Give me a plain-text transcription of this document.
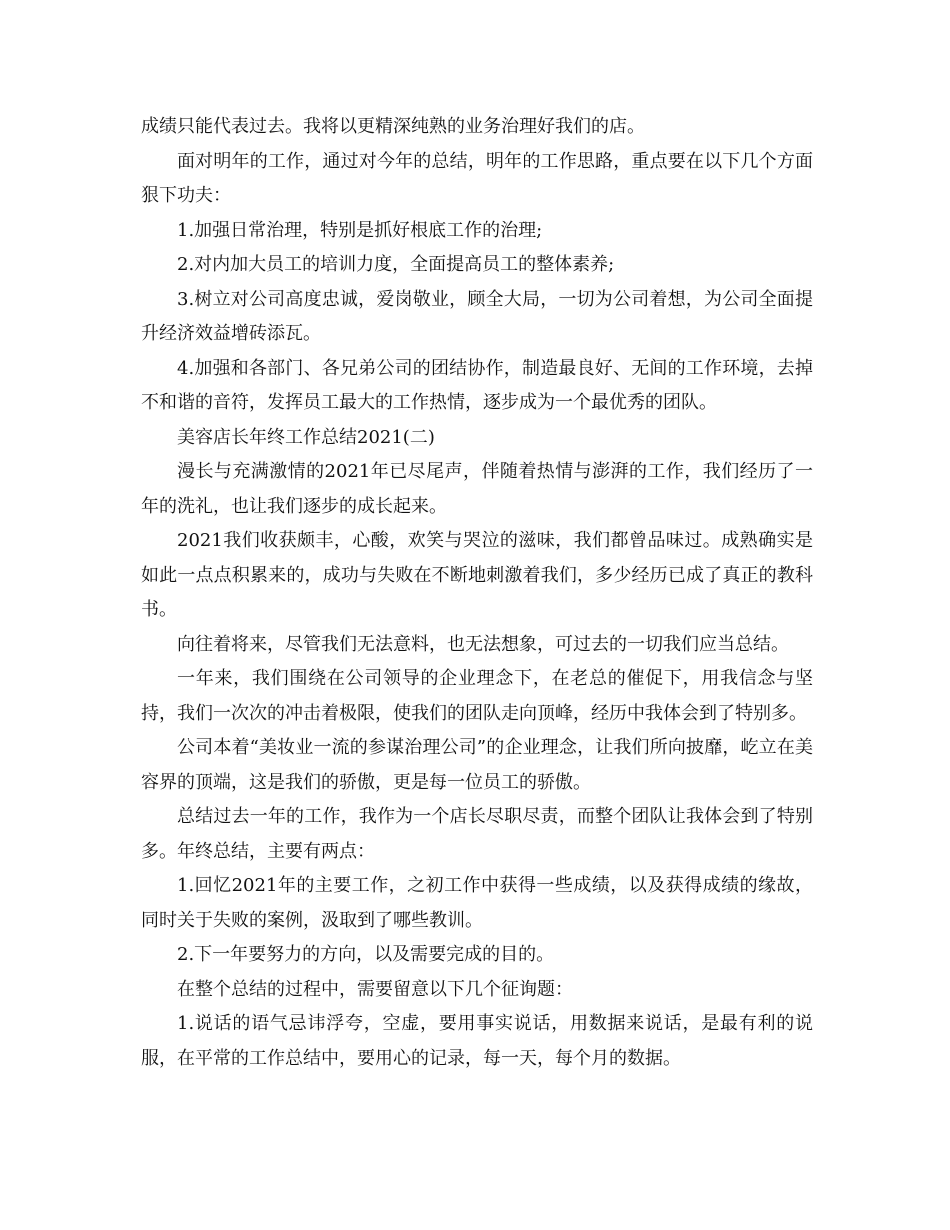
成绩只能代表过去。我将以更精深纯熟的业务治理好我们的店。

面对明年的工作，通过对今年的总结，明年的工作思路，重点要在以下几个方面狠下功夫：

1.加强日常治理，特别是抓好根底工作的治理;

2.对内加大员工的培训力度，全面提高员工的整体素养;

3.树立对公司高度忠诚，爱岗敬业，顾全大局，一切为公司着想，为公司全面提升经济效益增砖添瓦。

4.加强和各部门、各兄弟公司的团结协作，制造最良好、无间的工作环境，去掉不和谐的音符，发挥员工最大的工作热情，逐步成为一个最优秀的团队。

美容店长年终工作总结2021(二)

漫长与充满激情的2021年已尽尾声，伴随着热情与澎湃的工作，我们经历了一年的洗礼，也让我们逐步的成长起来。

2021我们收获颇丰，心酸，欢笑与哭泣的滋味，我们都曾品味过。成熟确实是如此一点点积累来的，成功与失败在不断地刺激着我们，多少经历已成了真正的教科书。

向往着将来，尽管我们无法意料，也无法想象，可过去的一切我们应当总结。

一年来，我们围绕在公司领导的企业理念下，在老总的催促下，用我信念与坚持，我们一次次的冲击着极限，使我们的团队走向顶峰，经历中我体会到了特别多。

公司本着“美妆业一流的参谋治理公司”的企业理念，让我们所向披靡，屹立在美容界的顶端，这是我们的骄傲，更是每一位员工的骄傲。

总结过去一年的工作，我作为一个店长尽职尽责，而整个团队让我体会到了特别多。年终总结，主要有两点：

1.回忆2021年的主要工作，之初工作中获得一些成绩，以及获得成绩的缘故，同时关于失败的案例，汲取到了哪些教训。

2.下一年要努力的方向，以及需要完成的目的。

在整个总结的过程中，需要留意以下几个征询题：

1.说话的语气忌讳浮夸，空虚，要用事实说话，用数据来说话，是最有利的说服，在平常的工作总结中，要用心的记录，每一天，每个月的数据。
